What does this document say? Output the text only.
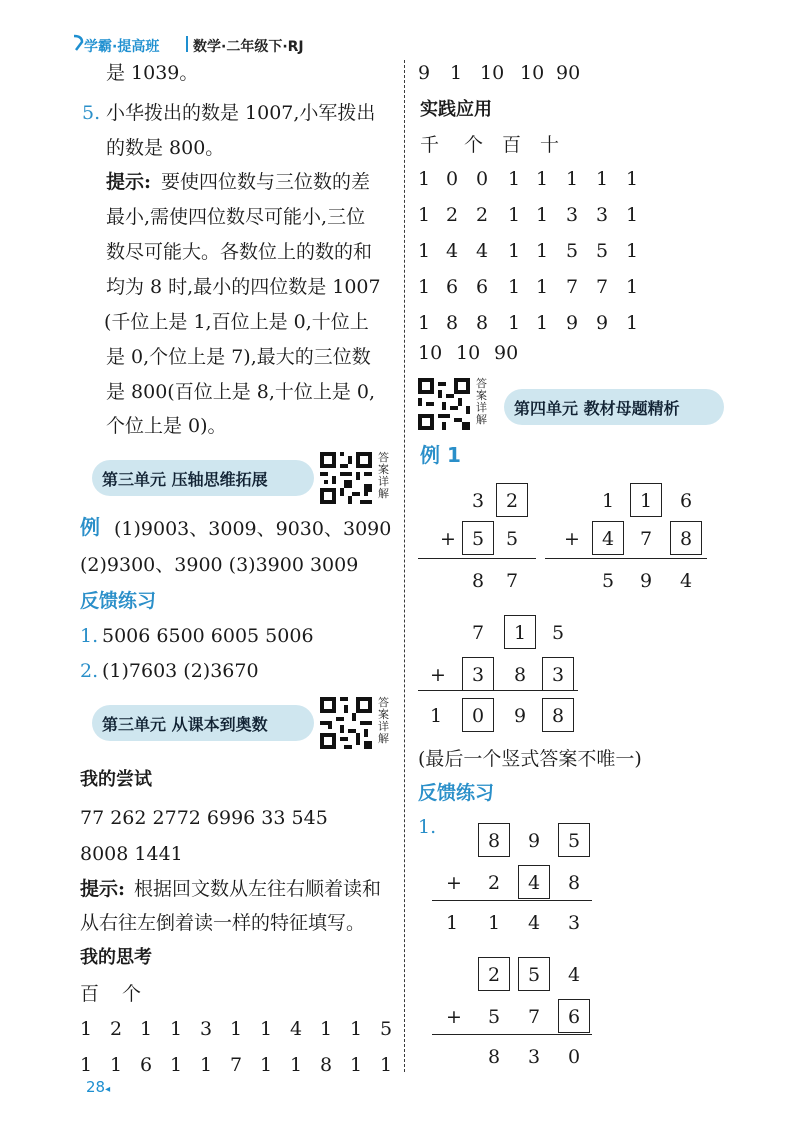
学霸·提高班 数学·二年级下·RJ
是 1039。
5. 小华拨出的数是 1007,小军拨出
的数是 800。
提示: 要使四位数与三位数的差
最小,需使四位数尽可能小,三位
数尽可能大。各数位上的数的和
均为 8 时,最小的四位数是 1007
(千位上是 1,百位上是 0,十位上
是 0,个位上是 7),最大的三位数
是 800(百位上是 8,十位上是 0,
个位上是 0)。
第三单元 压轴思维拓展
答案详解
例 (1)9003、3009、9030、3090
(2)9300、3900 (3)3900 3009
反馈练习
1. 5006 6500 6005 5006
2. (1)7603 (2)3670
第三单元 从课本到奥数
答案详解
我的尝试
77 262 2772 6996 33 545
8008 1441
提示: 根据回文数从左往右顺着读和
从右往左倒着读一样的特征填写。
我的思考
百 个
1 2 1 1 3 1 1 4 1 1 5
1 1 6 1 1 7 1 1 8 1 1
9 1 10 10 90
实践应用
千 个 百 十
1 0 0 1 1 1 1 1
1 2 2 1 1 3 3 1
1 4 4 1 1 5 5 1
1 6 6 1 1 7 7 1
1 8 8 1 1 9 9 1
10 10 90
答案详解
第四单元 教材母题精析
例 1
3 2
5 5
8 7
+
1 1 6
4 7 8
5 9 4
+
7 1 5
3 8 3
1 0 9 8
+
8 9 5
2 4 8
1 1 4 3
+
2 5 4
5 7 6
8 3 0
+
(最后一个竖式答案不唯一)
反馈练习
1.
28◂
